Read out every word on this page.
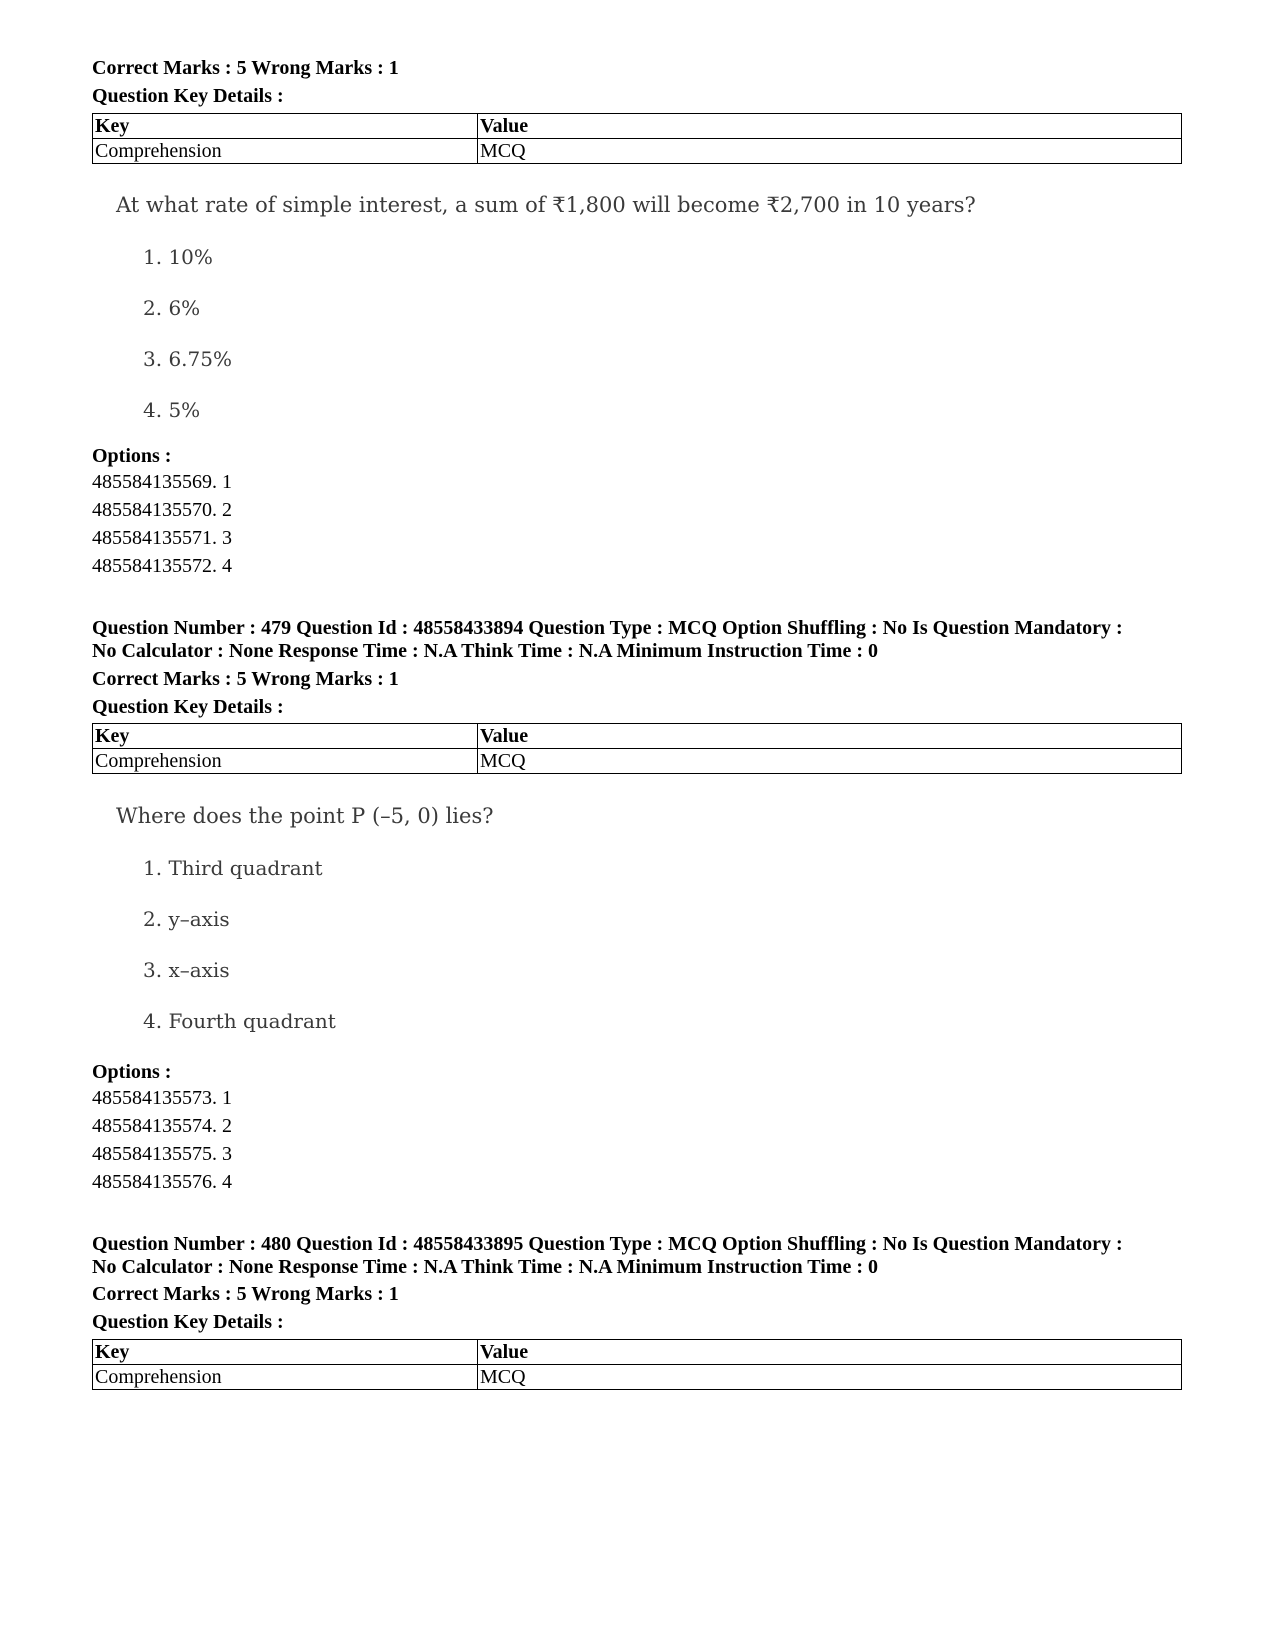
Correct Marks : 5 Wrong Marks : 1
Question Key Details :
Key	Value
Comprehension	MCQ
At what rate of simple interest, a sum of ₹1,800 will become ₹2,700 in 10 years?
1. 10%
2. 6%
3. 6.75%
4. 5%
Options :
485584135569. 1
485584135570. 2
485584135571. 3
485584135572. 4
Question Number : 479 Question Id : 48558433894 Question Type : MCQ Option Shuffling : No Is Question Mandatory :
No Calculator : None Response Time : N.A Think Time : N.A Minimum Instruction Time : 0
Correct Marks : 5 Wrong Marks : 1
Question Key Details :
Key	Value
Comprehension	MCQ
Where does the point P (–5, 0) lies?
1. Third quadrant
2. y–axis
3. x–axis
4. Fourth quadrant
Options :
485584135573. 1
485584135574. 2
485584135575. 3
485584135576. 4
Question Number : 480 Question Id : 48558433895 Question Type : MCQ Option Shuffling : No Is Question Mandatory :
No Calculator : None Response Time : N.A Think Time : N.A Minimum Instruction Time : 0
Correct Marks : 5 Wrong Marks : 1
Question Key Details :
Key	Value
Comprehension	MCQ
